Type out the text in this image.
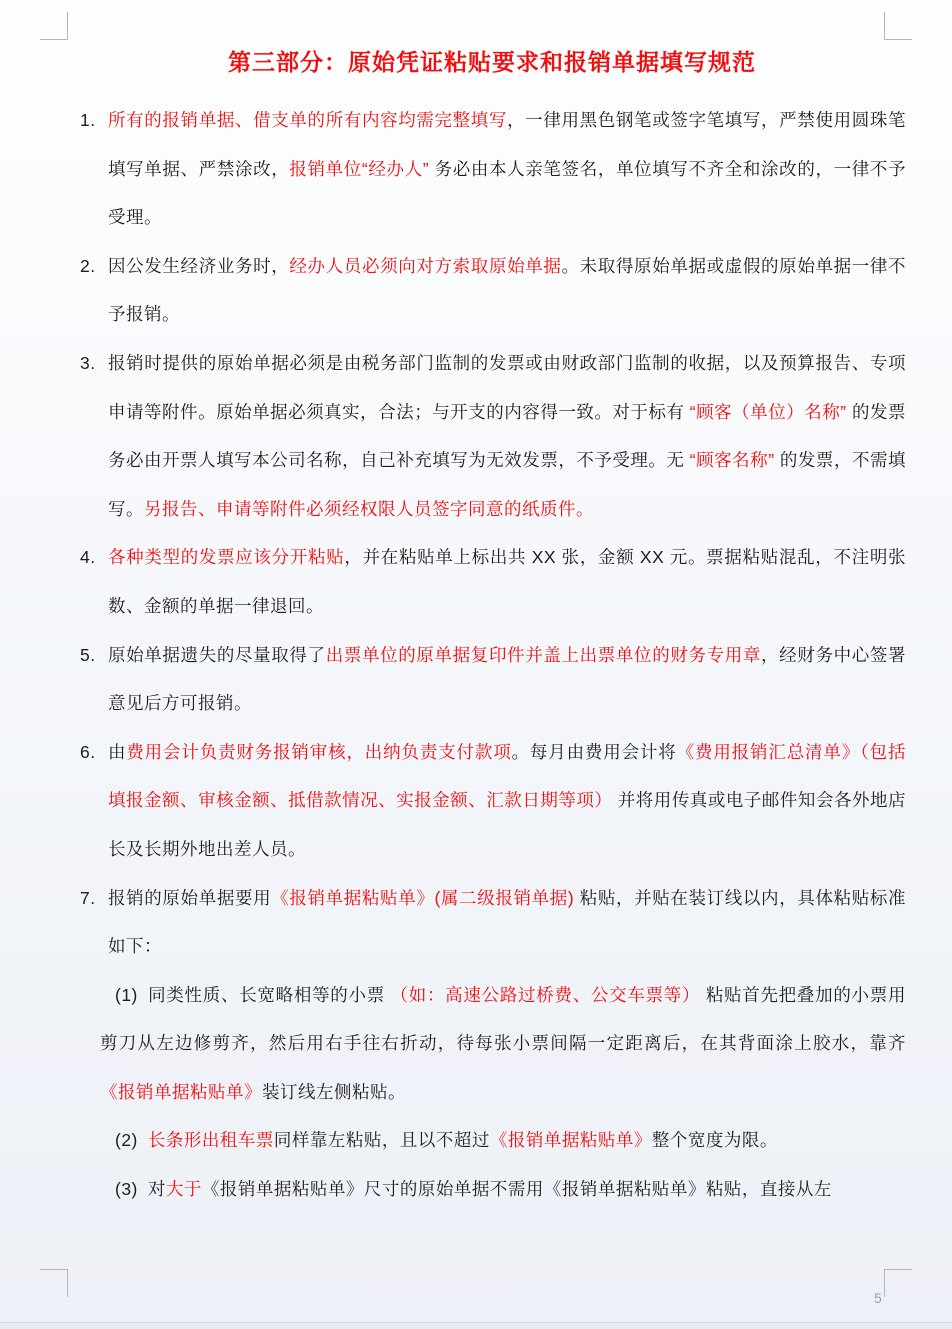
第三部分：原始凭证粘贴要求和报销单据填写规范
1. 所有的报销单据、借支单的所有内容均需完整填写，一律用黑色钢笔或签字笔填写，严禁使用圆珠笔填写单据、严禁涂改，报销单位“经办人” 务必由本人亲笔签名，单位填写不齐全和涂改的，一律不予受理。
2. 因公发生经济业务时，经办人员必须向对方索取原始单据。未取得原始单据或虚假的原始单据一律不予报销。
3. 报销时提供的原始单据必须是由税务部门监制的发票或由财政部门监制的收据，以及预算报告、专项申请等附件。原始单据必须真实，合法；与开支的内容得一致。对于标有 “顾客（单位）名称” 的发票务必由开票人填写本公司名称，自己补充填写为无效发票，不予受理。无 “顾客名称” 的发票，不需填写。另报告、申请等附件必须经权限人员签字同意的纸质件。
4. 各种类型的发票应该分开粘贴，并在粘贴单上标出共 XX 张，金额 XX 元。票据粘贴混乱，不注明张数、金额的单据一律退回。
5. 原始单据遗失的尽量取得了出票单位的原单据复印件并盖上出票单位的财务专用章，经财务中心签署意见后方可报销。
6. 由费用会计负责财务报销审核，出纳负责支付款项。每月由费用会计将《费用报销汇总清单》（包括填报金额、审核金额、抵借款情况、实报金额、汇款日期等项） 并将用传真或电子邮件知会各外地店长及长期外地出差人员。
7. 报销的原始单据要用《报销单据粘贴单》(属二级报销单据) 粘贴，并贴在装订线以内，具体粘贴标准如下：
(1) 同类性质、长宽略相等的小票 （如：高速公路过桥费、公交车票等） 粘贴首先把叠加的小票用剪刀从左边修剪齐，然后用右手往右折动，待每张小票间隔一定距离后，在其背面涂上胶水，靠齐《报销单据粘贴单》装订线左侧粘贴。
(2) 长条形出租车票同样靠左粘贴，且以不超过《报销单据粘贴单》整个宽度为限。
(3) 对大于《报销单据粘贴单》尺寸的原始单据不需用《报销单据粘贴单》粘贴，直接从左
5
